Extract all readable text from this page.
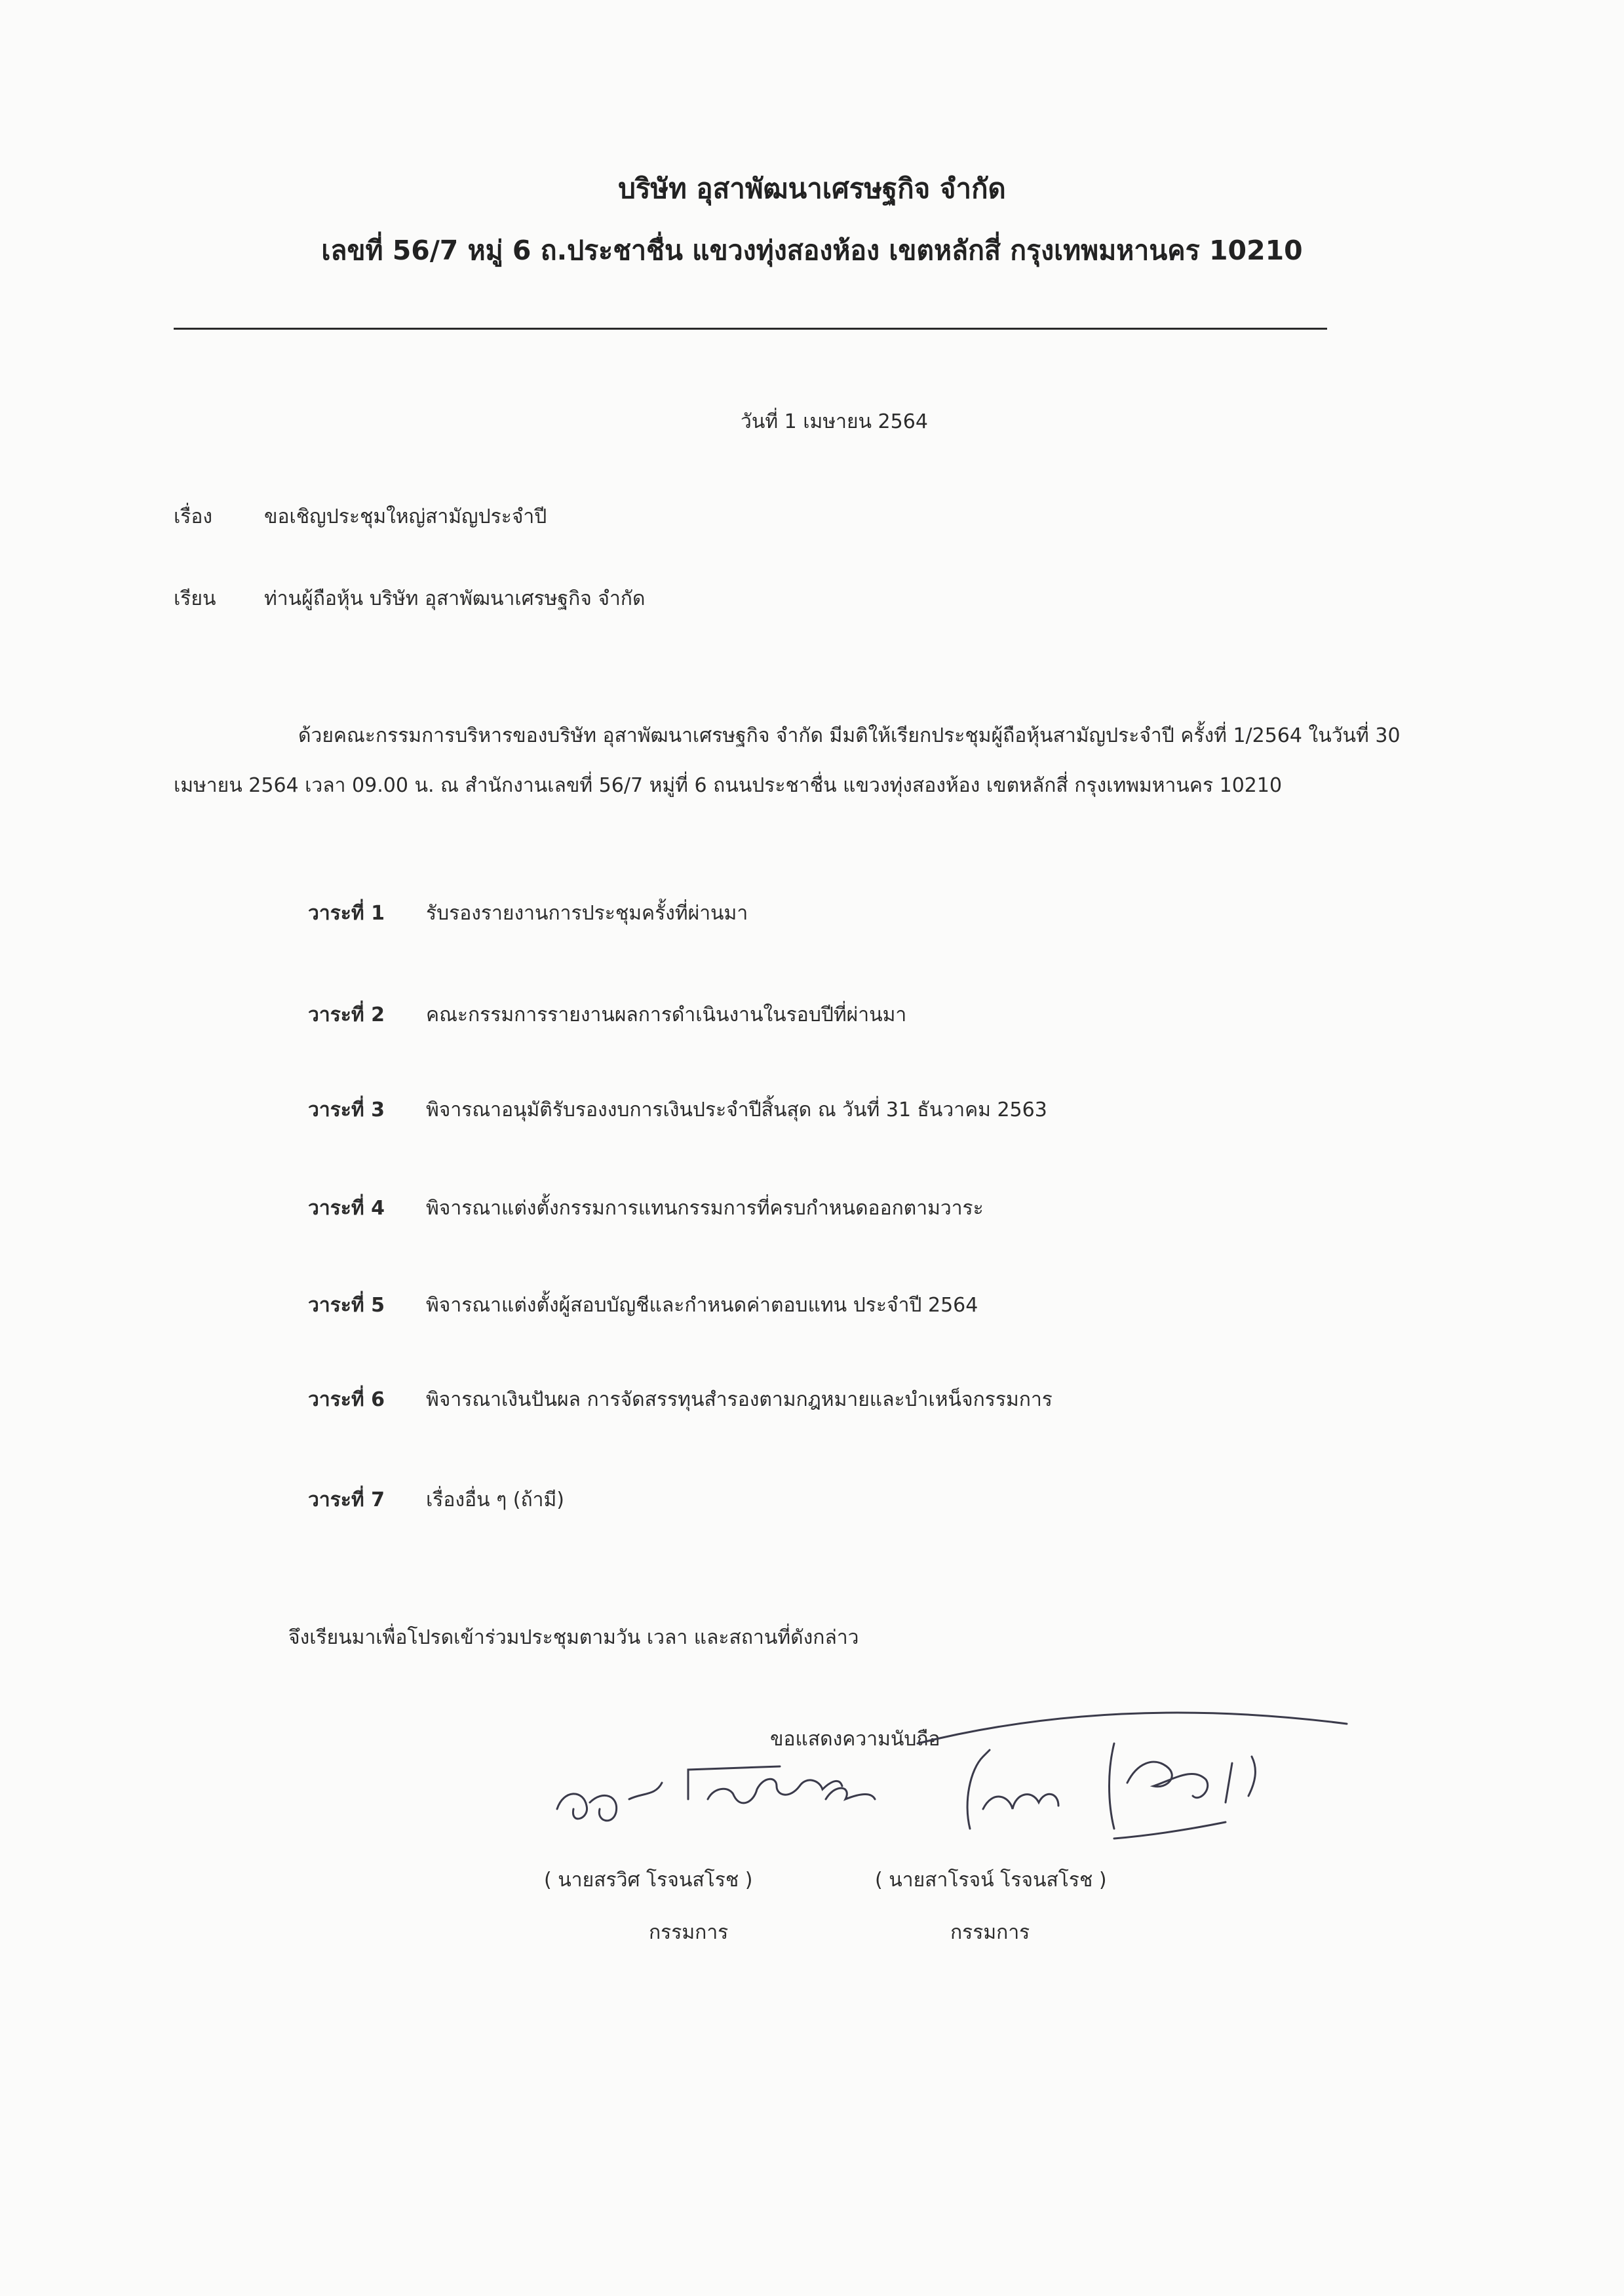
บริษัท อุสาพัฒนาเศรษฐกิจ จำกัด
เลขที่ 56/7 หมู่ 6 ถ.ประชาชื่น แขวงทุ่งสองห้อง เขตหลักสี่ กรุงเทพมหานคร 10210
วันที่ 1 เมษายน 2564
เรื่อง	ขอเชิญประชุมใหญ่สามัญประจำปี
เรียน ท่านผู้ถือหุ้น บริษัท อุสาพัฒนาเศรษฐกิจ จำกัด
ด้วยคณะกรรมการบริหารของบริษัท อุสาพัฒนาเศรษฐกิจ จำกัด มีมติให้เรียกประชุมผู้ถือหุ้นสามัญประจำปี ครั้งที่ 1/2564 ในวันที่ 30 เมษายน 2564 เวลา 09.00 น. ณ สำนักงานเลขที่ 56/7 หมู่ที่ 6 ถนนประชาชื่น แขวงทุ่งสองห้อง เขตหลักสี่ กรุงเทพมหานคร 10210
วาระที่ 1 รับรองรายงานการประชุมครั้งที่ผ่านมา
วาระที่ 2 คณะกรรมการรายงานผลการดำเนินงานในรอบปีที่ผ่านมา
วาระที่ 3 พิจารณาอนุมัติรับรองงบการเงินประจำปีสิ้นสุด ณ วันที่ 31 ธันวาคม 2563
วาระที่ 4 พิจารณาแต่งตั้งกรรมการแทนกรรมการที่ครบกำหนดออกตามวาระ
วาระที่ 5 พิจารณาแต่งตั้งผู้สอบบัญชีและกำหนดค่าตอบแทน ประจำปี 2564
วาระที่ 6 พิจารณาเงินปันผล การจัดสรรทุนสำรองตามกฎหมายและบำเหน็จกรรมการ
วาระที่ 7 เรื่องอื่น ๆ (ถ้ามี)
จึงเรียนมาเพื่อโปรดเข้าร่วมประชุมตามวัน เวลา และสถานที่ดังกล่าว
ขอแสดงความนับถือ
( นายสรวิศ โรจนสโรช )	( นายสาโรจน์ โรจนสโรช )
กรรมการ	กรรมการ
